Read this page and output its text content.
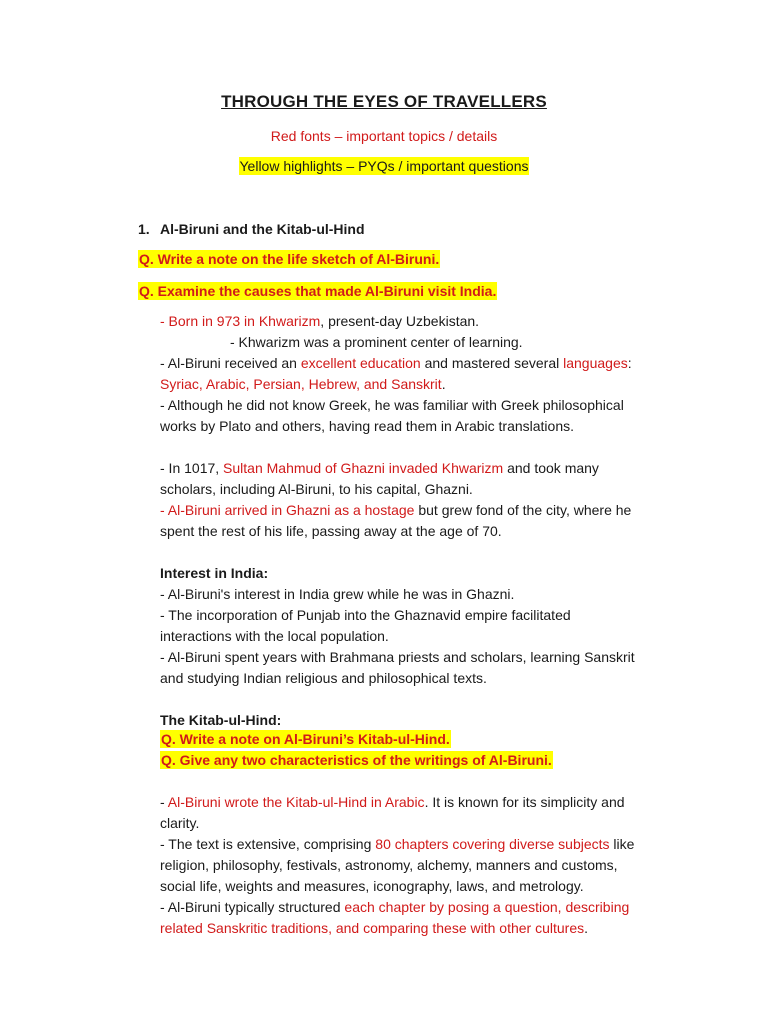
THROUGH THE EYES OF TRAVELLERS
Red fonts – important topics / details
Yellow highlights – PYQs / important questions
1. Al-Biruni and the Kitab-ul-Hind
Q. Write a note on the life sketch of Al-Biruni.
Q. Examine the causes that made Al-Biruni visit India.
- Born in 973 in Khwarizm, present-day Uzbekistan.
- Khwarizm was a prominent center of learning.
- Al-Biruni received an excellent education and mastered several languages:
Syriac, Arabic, Persian, Hebrew, and Sanskrit.
- Although he did not know Greek, he was familiar with Greek philosophical
works by Plato and others, having read them in Arabic translations.
- In 1017, Sultan Mahmud of Ghazni invaded Khwarizm and took many
scholars, including Al-Biruni, to his capital, Ghazni.
- Al-Biruni arrived in Ghazni as a hostage but grew fond of the city, where he
spent the rest of his life, passing away at the age of 70.
Interest in India:
- Al-Biruni's interest in India grew while he was in Ghazni.
- The incorporation of Punjab into the Ghaznavid empire facilitated
interactions with the local population.
- Al-Biruni spent years with Brahmana priests and scholars, learning Sanskrit
and studying Indian religious and philosophical texts.
The Kitab-ul-Hind:
Q. Write a note on Al-Biruni’s Kitab-ul-Hind.
Q. Give any two characteristics of the writings of Al-Biruni.
- Al-Biruni wrote the Kitab-ul-Hind in Arabic. It is known for its simplicity and
clarity.
- The text is extensive, comprising 80 chapters covering diverse subjects like
religion, philosophy, festivals, astronomy, alchemy, manners and customs,
social life, weights and measures, iconography, laws, and metrology.
- Al-Biruni typically structured each chapter by posing a question, describing
related Sanskritic traditions, and comparing these with other cultures.
